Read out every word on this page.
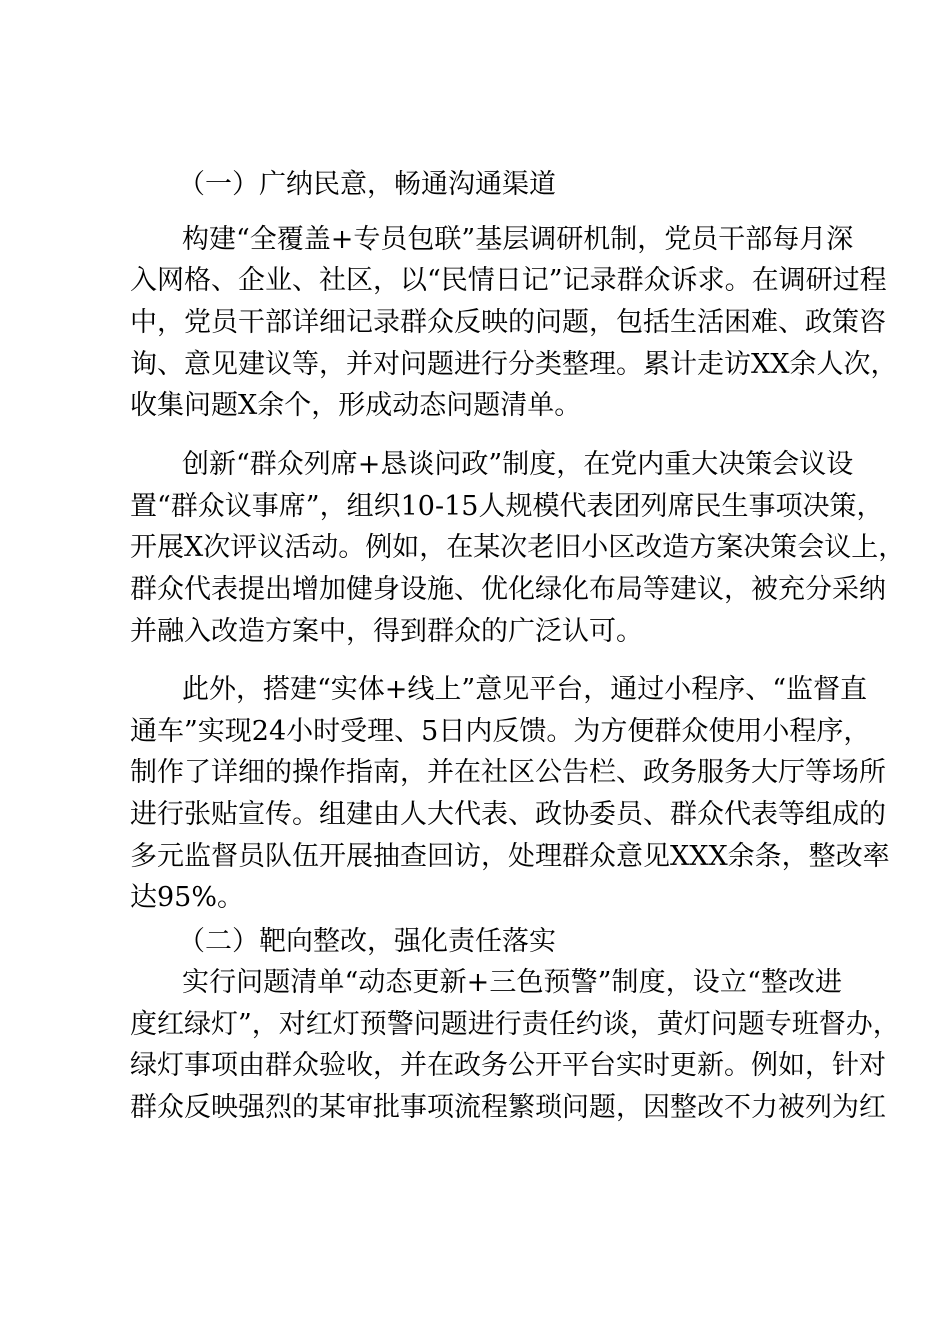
（一）广纳民意，畅通沟通渠道
构建“全覆盖+专员包联”基层调研机制，党员干部每月深
入网格、企业、社区，以“民情日记”记录群众诉求。在调研过程
中，党员干部详细记录群众反映的问题，包括生活困难、政策咨
询、意见建议等，并对问题进行分类整理。累计走访XX余人次，
收集问题X余个，形成动态问题清单。
创新“群众列席+恳谈问政”制度，在党内重大决策会议设
置“群众议事席”，组织10-15人规模代表团列席民生事项决策，
开展X次评议活动。例如，在某次老旧小区改造方案决策会议上，
群众代表提出增加健身设施、优化绿化布局等建议，被充分采纳
并融入改造方案中，得到群众的广泛认可。
此外，搭建“实体+线上”意见平台，通过小程序、“监督直
通车”实现24小时受理、5日内反馈。为方便群众使用小程序，
制作了详细的操作指南，并在社区公告栏、政务服务大厅等场所
进行张贴宣传。组建由人大代表、政协委员、群众代表等组成的
多元监督员队伍开展抽查回访，处理群众意见XXX余条，整改率
达95%。
（二）靶向整改，强化责任落实
实行问题清单“动态更新+三色预警”制度，设立“整改进
度红绿灯”，对红灯预警问题进行责任约谈，黄灯问题专班督办，
绿灯事项由群众验收，并在政务公开平台实时更新。例如，针对
群众反映强烈的某审批事项流程繁琐问题，因整改不力被列为红
